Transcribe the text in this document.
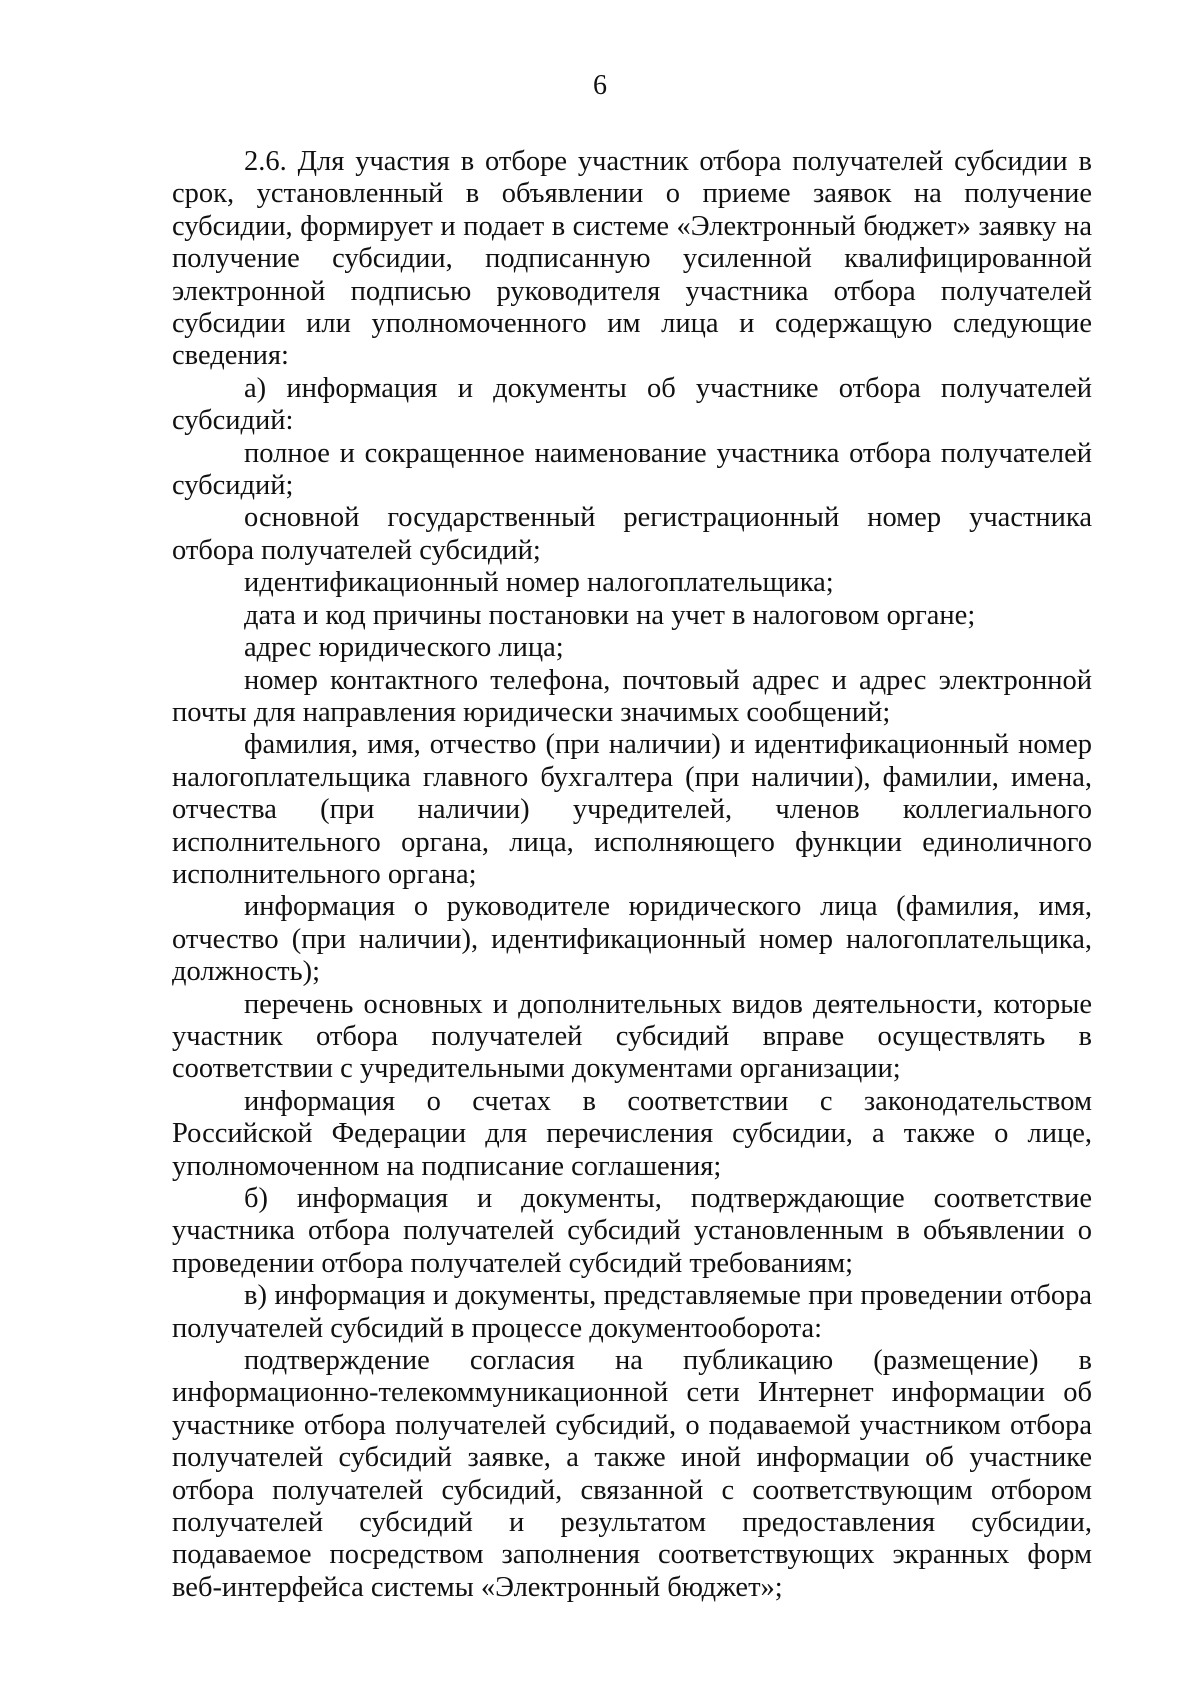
6

2.6. Для участия в отборе участник отбора получателей субсидии в срок, установленный в объявлении о приеме заявок на получение субсидии, формирует и подает в системе «Электронный бюджет» заявку на получение субсидии, подписанную усиленной квалифицированной электронной подписью руководителя участника отбора получателей субсидии или уполномоченного им лица и содержащую следующие сведения:

а) информация и документы об участнике отбора получателей субсидий:

полное и сокращенное наименование участника отбора получателей субсидий;

основной государственный регистрационный номер участника отбора получателей субсидий;

идентификационный номер налогоплательщика;

дата и код причины постановки на учет в налоговом органе;

адрес юридического лица;

номер контактного телефона, почтовый адрес и адрес электронной почты для направления юридически значимых сообщений;

фамилия, имя, отчество (при наличии) и идентификационный номер налогоплательщика главного бухгалтера (при наличии), фамилии, имена, отчества (при наличии) учредителей, членов коллегиального исполнительного органа, лица, исполняющего функции единоличного исполнительного органа;

информация о руководителе юридического лица (фамилия, имя, отчество (при наличии), идентификационный номер налогоплательщика, должность);

перечень основных и дополнительных видов деятельности, которые участник отбора получателей субсидий вправе осуществлять в соответствии с учредительными документами организации;

информация о счетах в соответствии с законодательством Российской Федерации для перечисления субсидии, а также о лице, уполномоченном на подписание соглашения;

б) информация и документы, подтверждающие соответствие участника отбора получателей субсидий установленным в объявлении о проведении отбора получателей субсидий требованиям;

в) информация и документы, представляемые при проведении отбора получателей субсидий в процессе документооборота:

подтверждение согласия на публикацию (размещение) в информационно-телекоммуникационной сети Интернет информации об участнике отбора получателей субсидий, о подаваемой участником отбора получателей субсидий заявке, а также иной информации об участнике отбора получателей субсидий, связанной с соответствующим отбором получателей субсидий и результатом предоставления субсидии, подаваемое посредством заполнения соответствующих экранных форм веб-интерфейса системы «Электронный бюджет»;
